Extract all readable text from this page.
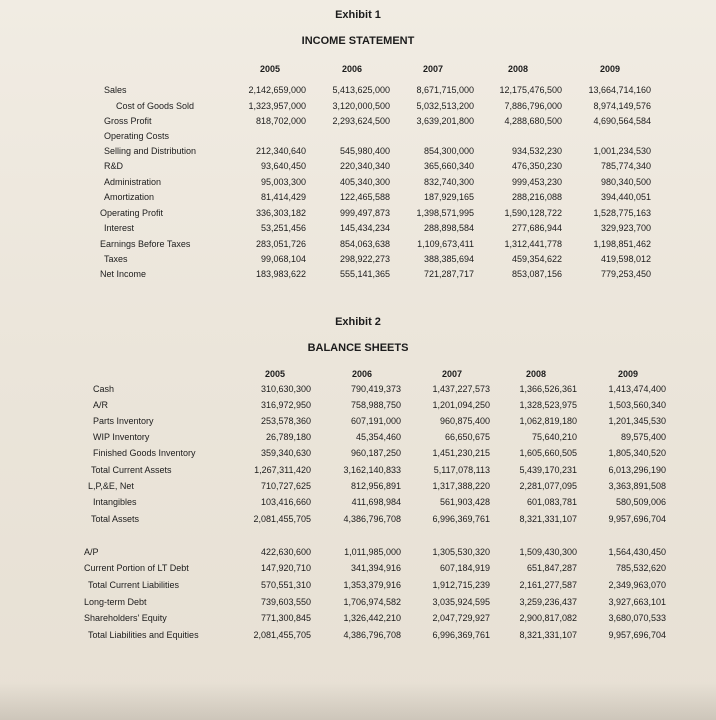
Exhibit 1
INCOME STATEMENT
2005	2006	2007	2008	2009
Sales	2,142,659,000	5,413,625,000	8,671,715,000	12,175,476,500	13,664,714,160
Cost of Goods Sold	1,323,957,000	3,120,000,500	5,032,513,200	7,886,796,000	8,974,149,576
Gross Profit	818,702,000	2,293,624,500	3,639,201,800	4,288,680,500	4,690,564,584
Operating Costs
Selling and Distribution	212,340,640	545,980,400	854,300,000	934,532,230	1,001,234,530
R&D	93,640,450	220,340,340	365,660,340	476,350,230	785,774,340
Administration	95,003,300	405,340,300	832,740,300	999,453,230	980,340,500
Amortization	81,414,429	122,465,588	187,929,165	288,216,088	394,440,051
Operating Profit	336,303,182	999,497,873	1,398,571,995	1,590,128,722	1,528,775,163
Interest	53,251,456	145,434,234	288,898,584	277,686,944	329,923,700
Earnings Before Taxes	283,051,726	854,063,638	1,109,673,411	1,312,441,778	1,198,851,462
Taxes	99,068,104	298,922,273	388,385,694	459,354,622	419,598,012
Net Income	183,983,622	555,141,365	721,287,717	853,087,156	779,253,450
Exhibit 2
BALANCE SHEETS
2005	2006	2007	2008	2009
Cash	310,630,300	790,419,373	1,437,227,573	1,366,526,361	1,413,474,400
A/R	316,972,950	758,988,750	1,201,094,250	1,328,523,975	1,503,560,340
Parts Inventory	253,578,360	607,191,000	960,875,400	1,062,819,180	1,201,345,530
WIP Inventory	26,789,180	45,354,460	66,650,675	75,640,210	89,575,400
Finished Goods Inventory	359,340,630	960,187,250	1,451,230,215	1,605,660,505	1,805,340,520
Total Current Assets	1,267,311,420	3,162,140,833	5,117,078,113	5,439,170,231	6,013,296,190
L,P,&E, Net	710,727,625	812,956,891	1,317,388,220	2,281,077,095	3,363,891,508
Intangibles	103,416,660	411,698,984	561,903,428	601,083,781	580,509,006
Total Assets	2,081,455,705	4,386,796,708	6,996,369,761	8,321,331,107	9,957,696,704
A/P	422,630,600	1,011,985,000	1,305,530,320	1,509,430,300	1,564,430,450
Current Portion of LT Debt	147,920,710	341,394,916	607,184,919	651,847,287	785,532,620
Total Current Liabilities	570,551,310	1,353,379,916	1,912,715,239	2,161,277,587	2,349,963,070
Long-term Debt	739,603,550	1,706,974,582	3,035,924,595	3,259,236,437	3,927,663,101
Shareholders' Equity	771,300,845	1,326,442,210	2,047,729,927	2,900,817,082	3,680,070,533
Total Liabilities and Equities	2,081,455,705	4,386,796,708	6,996,369,761	8,321,331,107	9,957,696,704
